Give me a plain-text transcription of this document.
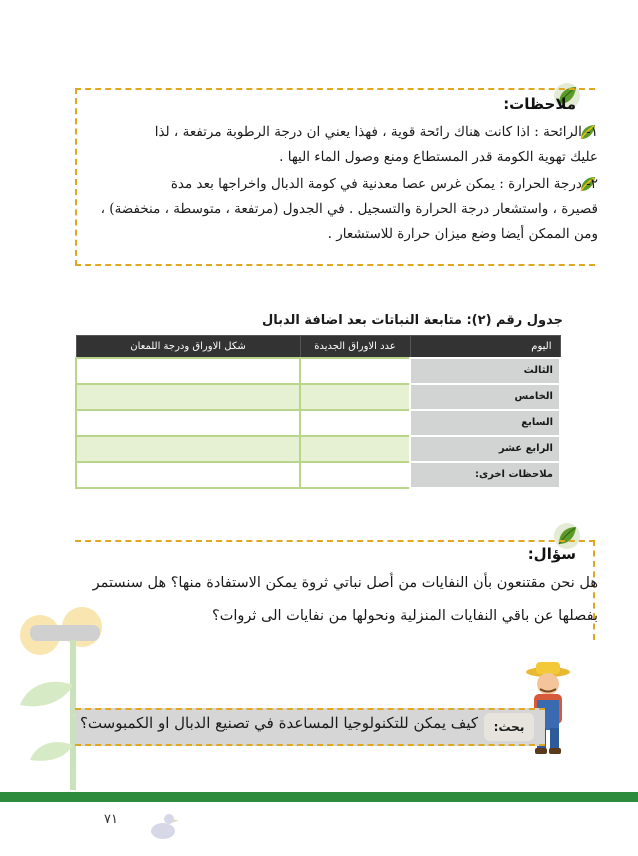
ملاحظات:
١- الرائحة : اذا كانت هناك رائحة قوية ، فهذا يعني ان درجة الرطوبة مرتفعة ، لذا
عليك تهوية الكومة قدر المستطاع ومنع وصول الماء اليها .
٢- درجة الحرارة : يمكن غرس عصا معدنية في كومة الدبال واخراجها بعد مدة
قصيرة ، واستشعار درجة الحرارة والتسجيل . في الجدول (مرتفعة ، متوسطة ، منخفضة) ،
ومن الممكن أيضا وضع ميزان حرارة للاستشعار .
جدول رقم (٢): متابعة النباتات بعد اضافة الدبال
اليوم	عدد الاوراق الجديدة	شكل الاوراق ودرجة اللمعان
الثالث		
الخامس		
السابع		
الرابع عشر		
ملاحظات اخرى:		
سؤال:
هل نحن مقتنعون بأن النفايات من أصل نباتي ثروة يمكن الاستفادة منها؟ هل سنستمر
بفصلها عن باقي النفايات المنزلية ونحولها من نفايات الى ثروات؟
بحث:
كيف يمكن للتكنولوجيا المساعدة في تصنيع الدبال او الكمبوست؟
٧١
